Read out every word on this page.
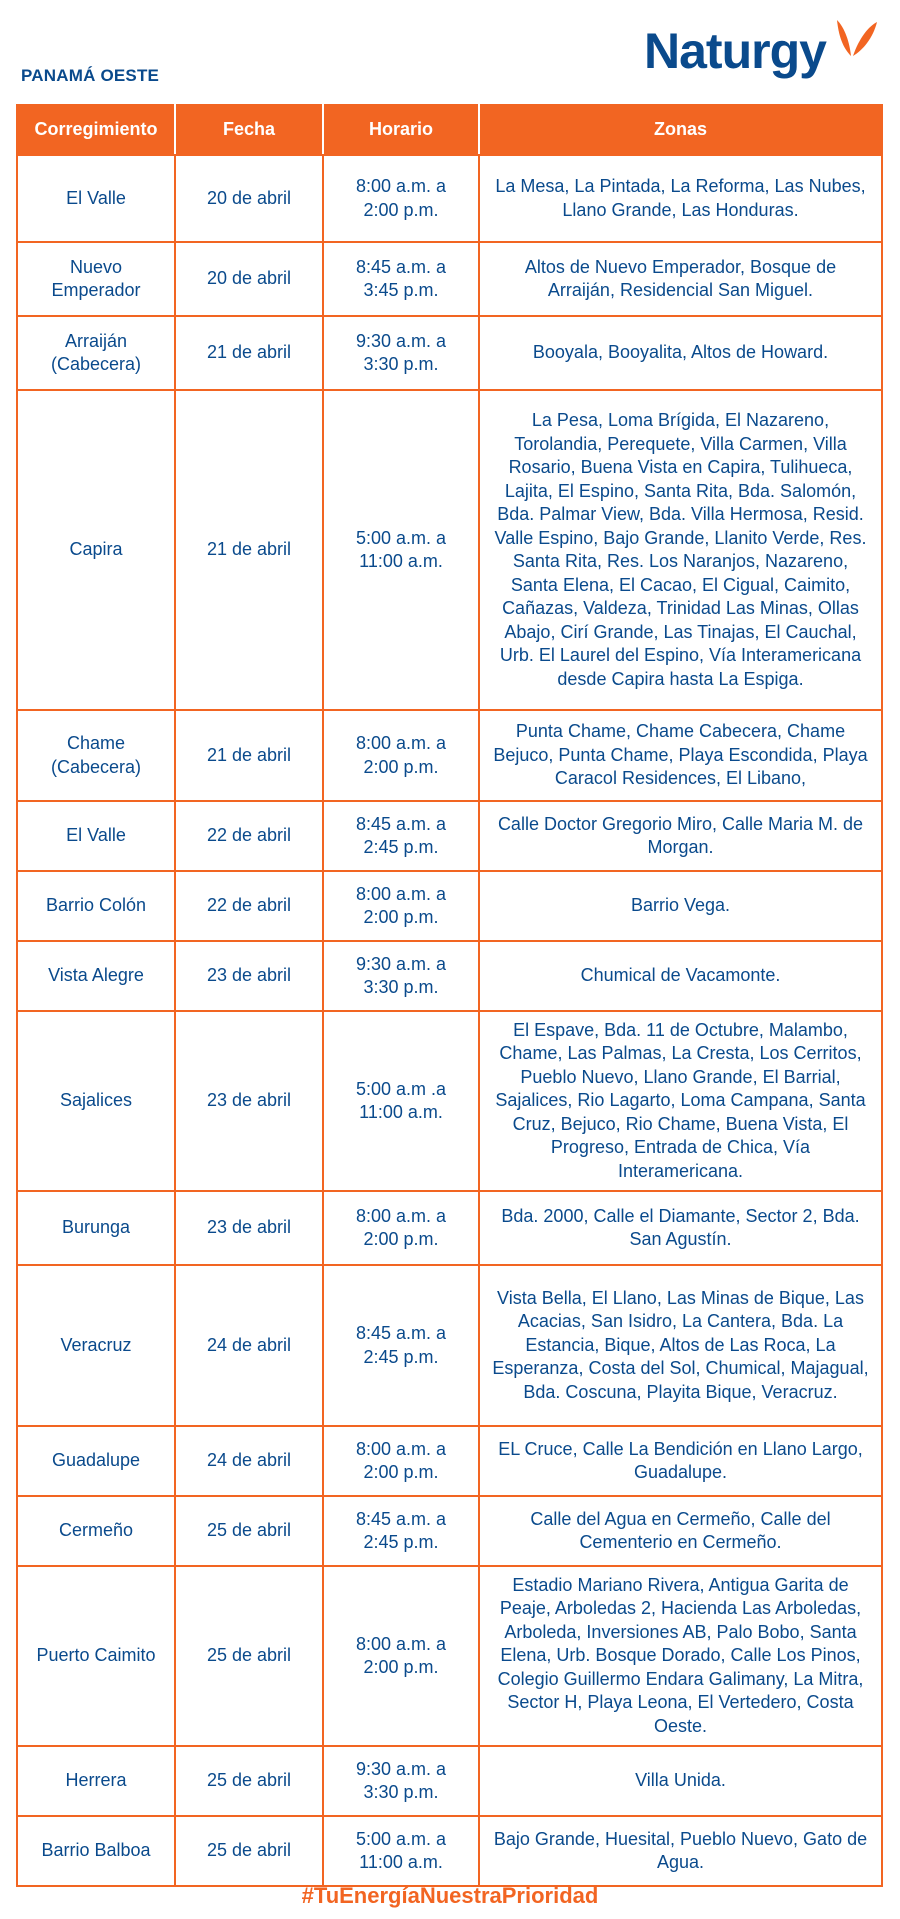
PANAMÁ OESTE	Naturgy
Corregimiento	Fecha	Horario	Zonas
El Valle	20 de abril	8:00 a.m. a 2:00 p.m.	La Mesa, La Pintada, La Reforma, Las Nubes, Llano Grande, Las Honduras.
Nuevo Emperador	20 de abril	8:45 a.m. a 3:45 p.m.	Altos de Nuevo Emperador, Bosque de Arraiján, Residencial San Miguel.
Arraiján (Cabecera)	21 de abril	9:30 a.m. a 3:30 p.m.	Booyala, Booyalita, Altos de Howard.
Capira	21 de abril	5:00 a.m. a 11:00 a.m.	La Pesa, Loma Brígida, El Nazareno, Torolandia, Perequete, Villa Carmen, Villa Rosario, Buena Vista en Capira, Tulihueca, Lajita, El Espino, Santa Rita, Bda. Salomón, Bda. Palmar View, Bda. Villa Hermosa, Resid. Valle Espino, Bajo Grande, Llanito Verde, Res. Santa Rita, Res. Los Naranjos, Nazareno, Santa Elena, El Cacao, El Cigual, Caimito, Cañazas, Valdeza, Trinidad Las Minas, Ollas Abajo, Cirí Grande, Las Tinajas, El Cauchal, Urb. El Laurel del Espino, Vía Interamericana desde Capira hasta La Espiga.
Chame (Cabecera)	21 de abril	8:00 a.m. a 2:00 p.m.	Punta Chame, Chame Cabecera, Chame Bejuco, Punta Chame, Playa Escondida, Playa Caracol Residences, El Libano,
El Valle	22 de abril	8:45 a.m. a 2:45 p.m.	Calle Doctor Gregorio Miro, Calle Maria M. de Morgan.
Barrio Colón	22 de abril	8:00 a.m. a 2:00 p.m.	Barrio Vega.
Vista Alegre	23 de abril	9:30 a.m. a 3:30 p.m.	Chumical de Vacamonte.
Sajalices	23 de abril	5:00 a.m .a 11:00 a.m.	El Espave, Bda. 11 de Octubre, Malambo, Chame, Las Palmas, La Cresta, Los Cerritos, Pueblo Nuevo, Llano Grande, El Barrial, Sajalices, Rio Lagarto, Loma Campana, Santa Cruz, Bejuco, Rio Chame, Buena Vista, El Progreso, Entrada de Chica, Vía Interamericana.
Burunga	23 de abril	8:00 a.m. a 2:00 p.m.	Bda. 2000, Calle el Diamante, Sector 2, Bda. San Agustín.
Veracruz	24 de abril	8:45 a.m. a 2:45 p.m.	Vista Bella, El Llano, Las Minas de Bique, Las Acacias, San Isidro, La Cantera, Bda. La Estancia, Bique, Altos de Las Roca, La Esperanza, Costa del Sol, Chumical, Majagual, Bda. Coscuna, Playita Bique, Veracruz.
Guadalupe	24 de abril	8:00 a.m. a 2:00 p.m.	EL Cruce, Calle La Bendición en Llano Largo, Guadalupe.
Cermeño	25 de abril	8:45 a.m. a 2:45 p.m.	Calle del Agua en Cermeño, Calle del Cementerio en Cermeño.
Puerto Caimito	25 de abril	8:00 a.m. a 2:00 p.m.	Estadio Mariano Rivera, Antigua Garita de Peaje, Arboledas 2, Hacienda Las Arboledas, Arboleda, Inversiones AB, Palo Bobo, Santa Elena, Urb. Bosque Dorado, Calle Los Pinos, Colegio Guillermo Endara Galimany, La Mitra, Sector H, Playa Leona, El Vertedero, Costa Oeste.
Herrera	25 de abril	9:30 a.m. a 3:30 p.m.	Villa Unida.
Barrio Balboa	25 de abril	5:00 a.m. a 11:00 a.m.	Bajo Grande, Huesital, Pueblo Nuevo, Gato de Agua.
#TuEnergíaNuestraPrioridad
